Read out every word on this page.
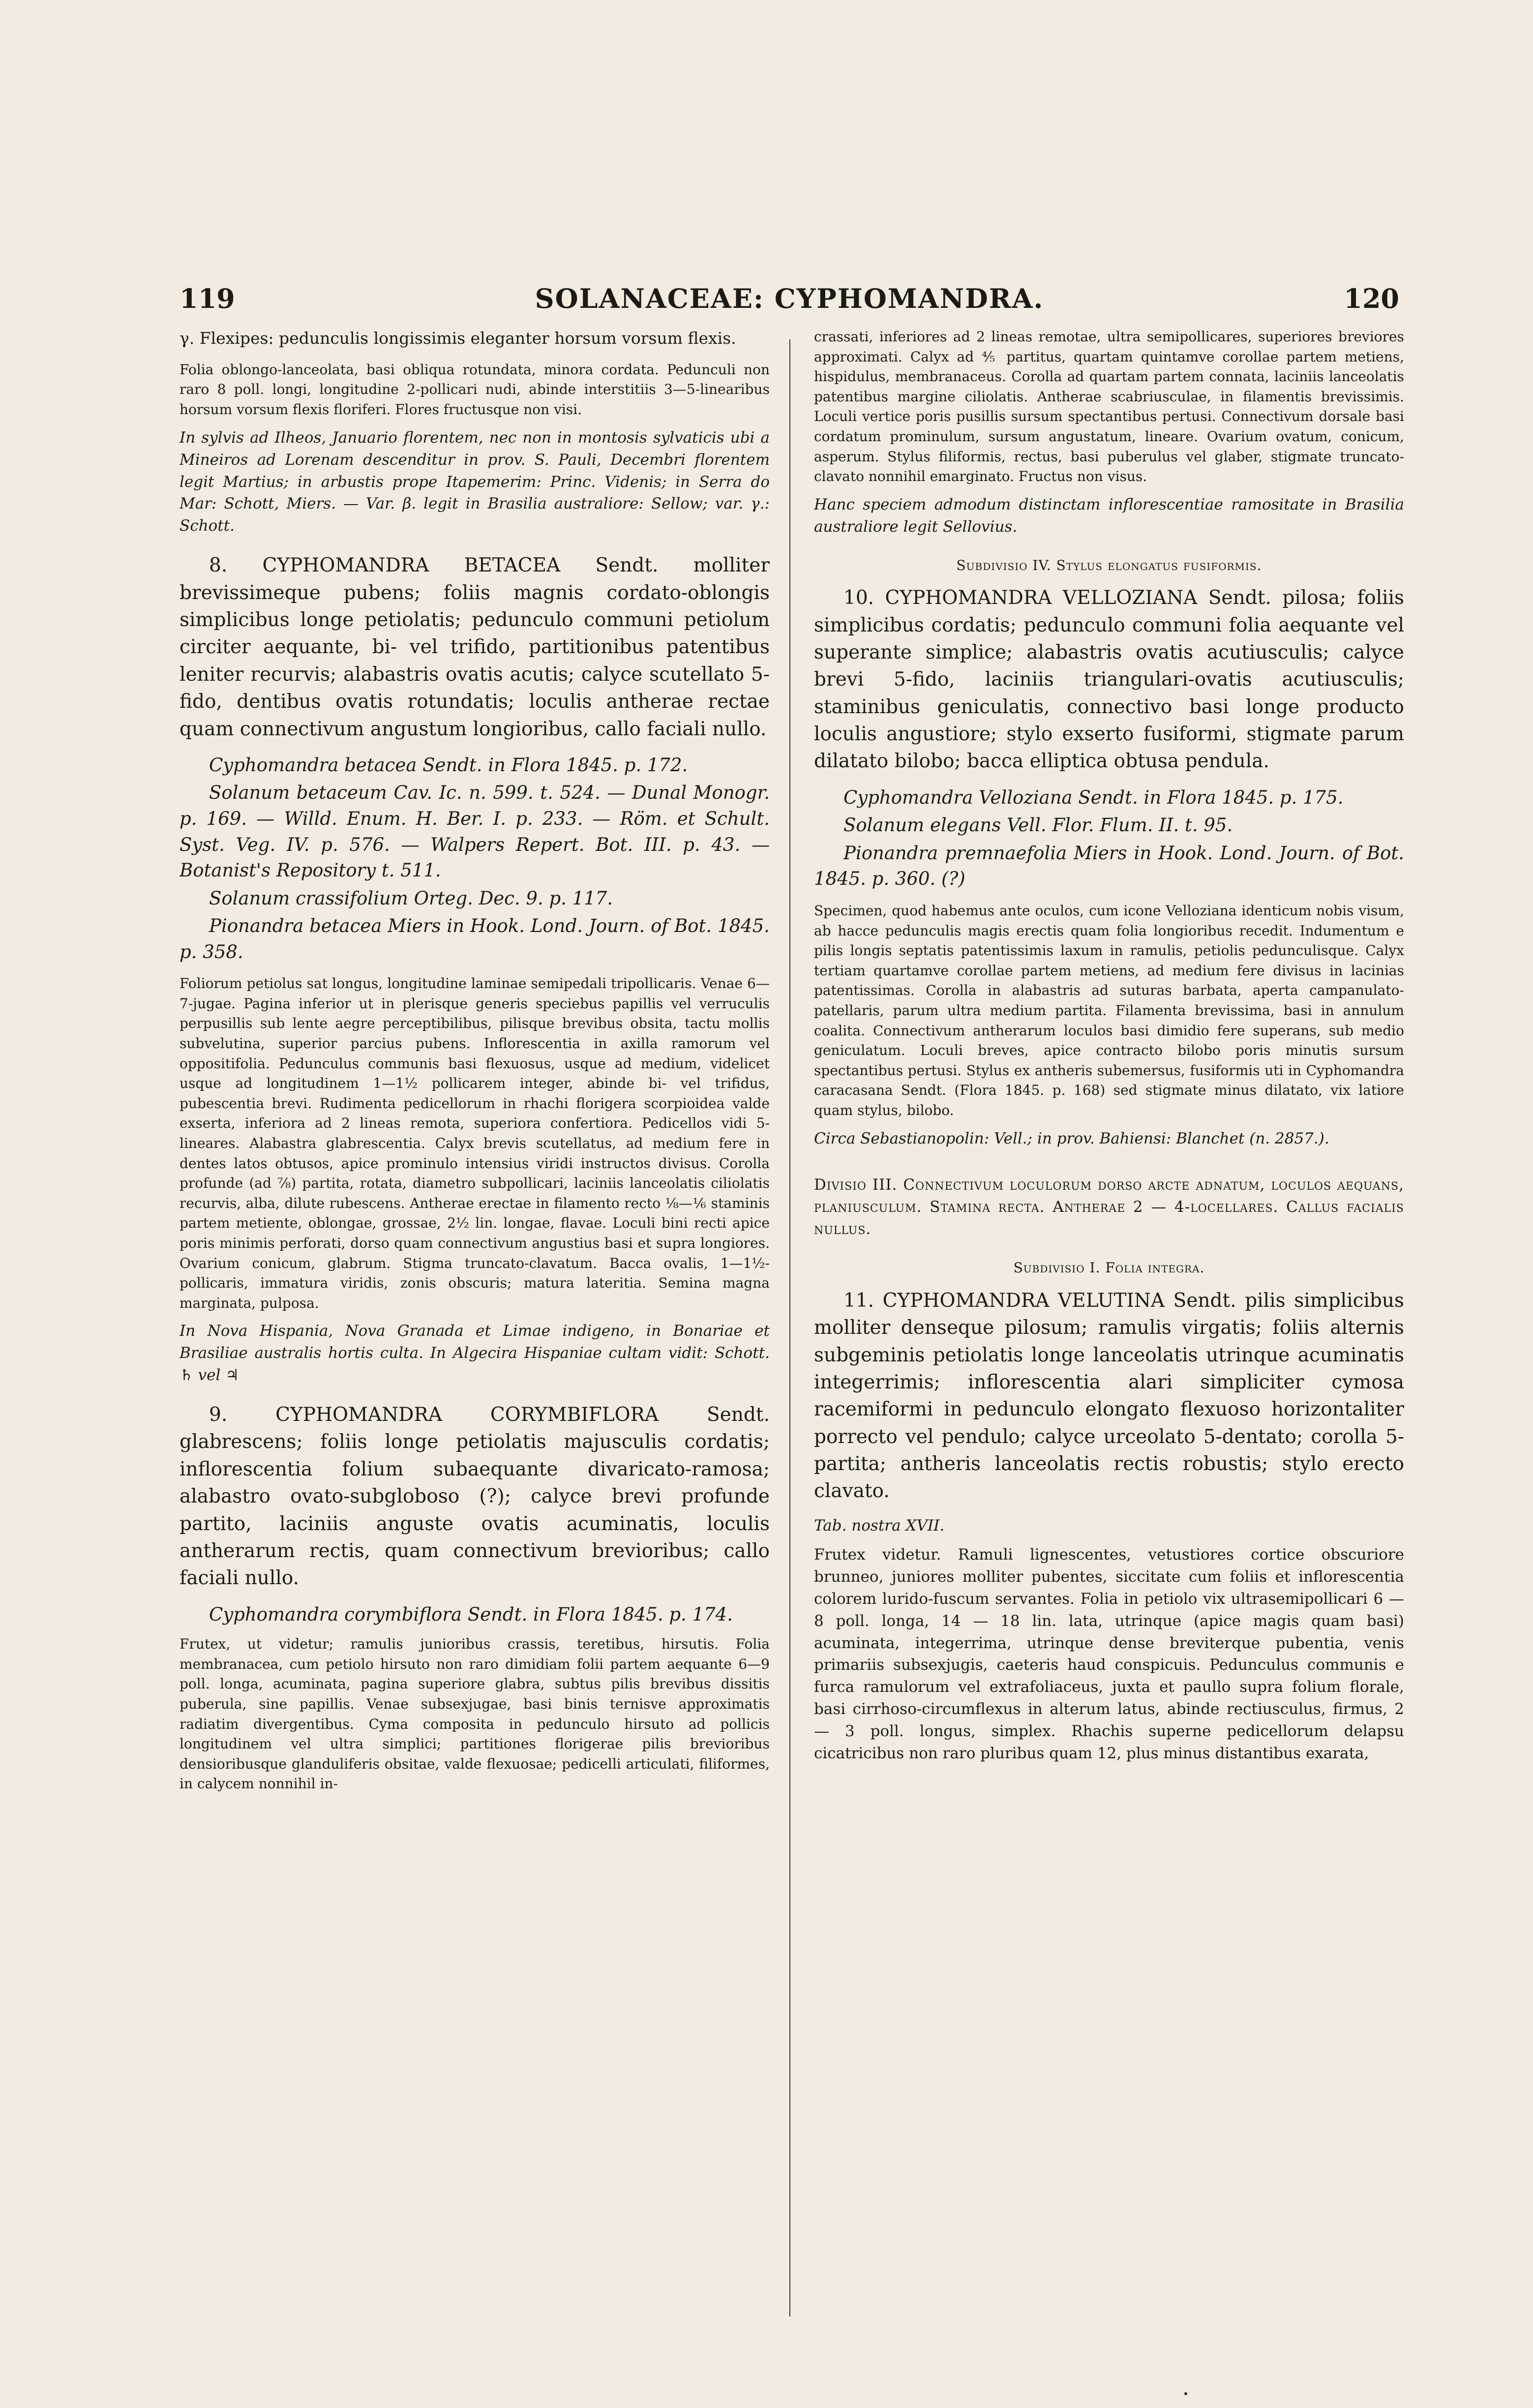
119	SOLANACEAE: CYPHOMANDRA.	120

γ. Flexipes: pedunculis longissimis eleganter horsum vorsum flexis.

Folia oblongo-lanceolata, basi obliqua rotundata, minora cordata. Pedunculi non raro 8 poll. longi, longitudine 2-pollicari nudi, abinde interstitiis 3—5-linearibus horsum vorsum flexis floriferi. Flores fructusque non visi.

In sylvis ad Ilheos, Januario florentem, nec non in montosis sylvaticis ubi a Mineiros ad Lorenam descenditur in prov. S. Pauli, Decembri florentem legit Martius; in arbustis prope Itapemerim: Princ. Videnis; in Serra do Mar: Schott, Miers. — Var. β. legit in Brasilia australiore: Sellow; var. γ.: Schott.

8. CYPHOMANDRA BETACEA Sendt. molliter brevissimeque pubens; foliis magnis cordato-oblongis simplicibus longe petiolatis; pedunculo communi petiolum circiter aequante, bi- vel trifido, partitionibus patentibus leniter recurvis; alabastris ovatis acutis; calyce scutellato 5-fido, dentibus ovatis rotundatis; loculis antherae rectae quam connectivum angustum longioribus, callo faciali nullo.

Cyphomandra betacea Sendt. in Flora 1845. p. 172.

Solanum betaceum Cav. Ic. n. 599. t. 524. — Dunal Monogr. p. 169. — Willd. Enum. H. Ber. I. p. 233. — Röm. et Schult. Syst. Veg. IV. p. 576. — Walpers Repert. Bot. III. p. 43. — Botanist's Repository t. 511.

Solanum crassifolium Orteg. Dec. 9. p. 117.

Pionandra betacea Miers in Hook. Lond. Journ. of Bot. 1845. p. 358.

Foliorum petiolus sat longus, longitudine laminae semipedali tripollicaris. Venae 6—7-jugae. Pagina inferior ut in plerisque generis speciebus papillis vel verruculis perpusillis sub lente aegre perceptibilibus, pilisque brevibus obsita, tactu mollis subvelutina, superior parcius pubens. Inflorescentia in axilla ramorum vel oppositifolia. Pedunculus communis basi flexuosus, usque ad medium, videlicet usque ad longitudinem 1—1½ pollicarem integer, abinde bi- vel trifidus, pubescentia brevi. Rudimenta pedicellorum in rhachi florigera scorpioidea valde exserta, inferiora ad 2 lineas remota, superiora confertiora. Pedicellos vidi 5-lineares. Alabastra glabrescentia. Calyx brevis scutellatus, ad medium fere in dentes latos obtusos, apice prominulo intensius viridi instructos divisus. Corolla profunde (ad ⅞) partita, rotata, diametro subpollicari, laciniis lanceolatis ciliolatis recurvis, alba, dilute rubescens. Antherae erectae in filamento recto ⅛—⅙ staminis partem metiente, oblongae, grossae, 2½ lin. longae, flavae. Loculi bini recti apice poris minimis perforati, dorso quam connectivum angustius basi et supra longiores. Ovarium conicum, glabrum. Stigma truncato-clavatum. Bacca ovalis, 1—1½-pollicaris, immatura viridis, zonis obscuris; matura lateritia. Semina magna marginata, pulposa.

In Nova Hispania, Nova Granada et Limae indigeno, in Bonariae et Brasiliae australis hortis culta. In Algecira Hispaniae cultam vidit: Schott. ♄ vel ♃

9. CYPHOMANDRA CORYMBIFLORA Sendt. glabrescens; foliis longe petiolatis majusculis cordatis; inflorescentia folium subaequante divaricato-ramosa; alabastro ovato-subgloboso (?); calyce brevi profunde partito, laciniis anguste ovatis acuminatis, loculis antherarum rectis, quam connectivum brevioribus; callo faciali nullo.

Cyphomandra corymbiflora Sendt. in Flora 1845. p. 174.

Frutex, ut videtur; ramulis junioribus crassis, teretibus, hirsutis. Folia membranacea, cum petiolo hirsuto non raro dimidiam folii partem aequante 6—9 poll. longa, acuminata, pagina superiore glabra, subtus pilis brevibus dissitis puberula, sine papillis. Venae subsexjugae, basi binis ternisve approximatis radiatim divergentibus. Cyma composita in pedunculo hirsuto ad pollicis longitudinem vel ultra simplici; partitiones florigerae pilis brevioribus densioribusque glanduliferis obsitae, valde flexuosae; pedicelli articulati, filiformes, in calycem nonnihil in-

crassati, inferiores ad 2 lineas remotae, ultra semipollicares, superiores breviores approximati. Calyx ad ⅘ partitus, quartam quintamve corollae partem metiens, hispidulus, membranaceus. Corolla ad quartam partem connata, laciniis lanceolatis patentibus margine ciliolatis. Antherae scabriusculae, in filamentis brevissimis. Loculi vertice poris pusillis sursum spectantibus pertusi. Connectivum dorsale basi cordatum prominulum, sursum angustatum, lineare. Ovarium ovatum, conicum, asperum. Stylus filiformis, rectus, basi puberulus vel glaber, stigmate truncato-clavato nonnihil emarginato. Fructus non visus.

Hanc speciem admodum distinctam inflorescentiae ramositate in Brasilia australiore legit Sellovius.

Subdivisio IV. Stylus elongatus fusiformis.

10. CYPHOMANDRA VELLOZIANA Sendt. pilosa; foliis simplicibus cordatis; pedunculo communi folia aequante vel superante simplice; alabastris ovatis acutiusculis; calyce brevi 5-fido, laciniis triangulari-ovatis acutiusculis; staminibus geniculatis, connectivo basi longe producto loculis angustiore; stylo exserto fusiformi, stigmate parum dilatato bilobo; bacca elliptica obtusa pendula.

Cyphomandra Velloziana Sendt. in Flora 1845. p. 175.

Solanum elegans Vell. Flor. Flum. II. t. 95.

Pionandra premnaefolia Miers in Hook. Lond. Journ. of Bot. 1845. p. 360. (?)

Specimen, quod habemus ante oculos, cum icone Velloziana identicum nobis visum, ab hacce pedunculis magis erectis quam folia longioribus recedit. Indumentum e pilis longis septatis patentissimis laxum in ramulis, petiolis pedunculisque. Calyx tertiam quartamve corollae partem metiens, ad medium fere divisus in lacinias patentissimas. Corolla in alabastris ad suturas barbata, aperta campanulato-patellaris, parum ultra medium partita. Filamenta brevissima, basi in annulum coalita. Connectivum antherarum loculos basi dimidio fere superans, sub medio geniculatum. Loculi breves, apice contracto bilobo poris minutis sursum spectantibus pertusi. Stylus ex antheris subemersus, fusiformis uti in Cyphomandra caracasana Sendt. (Flora 1845. p. 168) sed stigmate minus dilatato, vix latiore quam stylus, bilobo.

Circa Sebastianopolin: Vell.; in prov. Bahiensi: Blanchet (n. 2857.).

Divisio III. Connectivum loculorum dorso arcte adnatum, loculos aequans, planiusculum. Stamina recta. Antherae 2 — 4-locellares. Callus facialis nullus.

Subdivisio I. Folia integra.

11. CYPHOMANDRA VELUTINA Sendt. pilis simplicibus molliter denseque pilosum; ramulis virgatis; foliis alternis subgeminis petiolatis longe lanceolatis utrinque acuminatis integerrimis; inflorescentia alari simpliciter cymosa racemiformi in pedunculo elongato flexuoso horizontaliter porrecto vel pendulo; calyce urceolato 5-dentato; corolla 5-partita; antheris lanceolatis rectis robustis; stylo erecto clavato.

Tab. nostra XVII.

Frutex videtur. Ramuli lignescentes, vetustiores cortice obscuriore brunneo, juniores molliter pubentes, siccitate cum foliis et inflorescentia colorem lurido-fuscum servantes. Folia in petiolo vix ultrasemipollicari 6 — 8 poll. longa, 14 — 18 lin. lata, utrinque (apice magis quam basi) acuminata, integerrima, utrinque dense breviterque pubentia, venis primariis subsexjugis, caeteris haud conspicuis. Pedunculus communis e furca ramulorum vel extrafoliaceus, juxta et paullo supra folium florale, basi cirrhoso-circumflexus in alterum latus, abinde rectiusculus, firmus, 2 — 3 poll. longus, simplex. Rhachis superne pedicellorum delapsu cicatricibus non raro pluribus quam 12, plus minus distantibus exarata,

•
